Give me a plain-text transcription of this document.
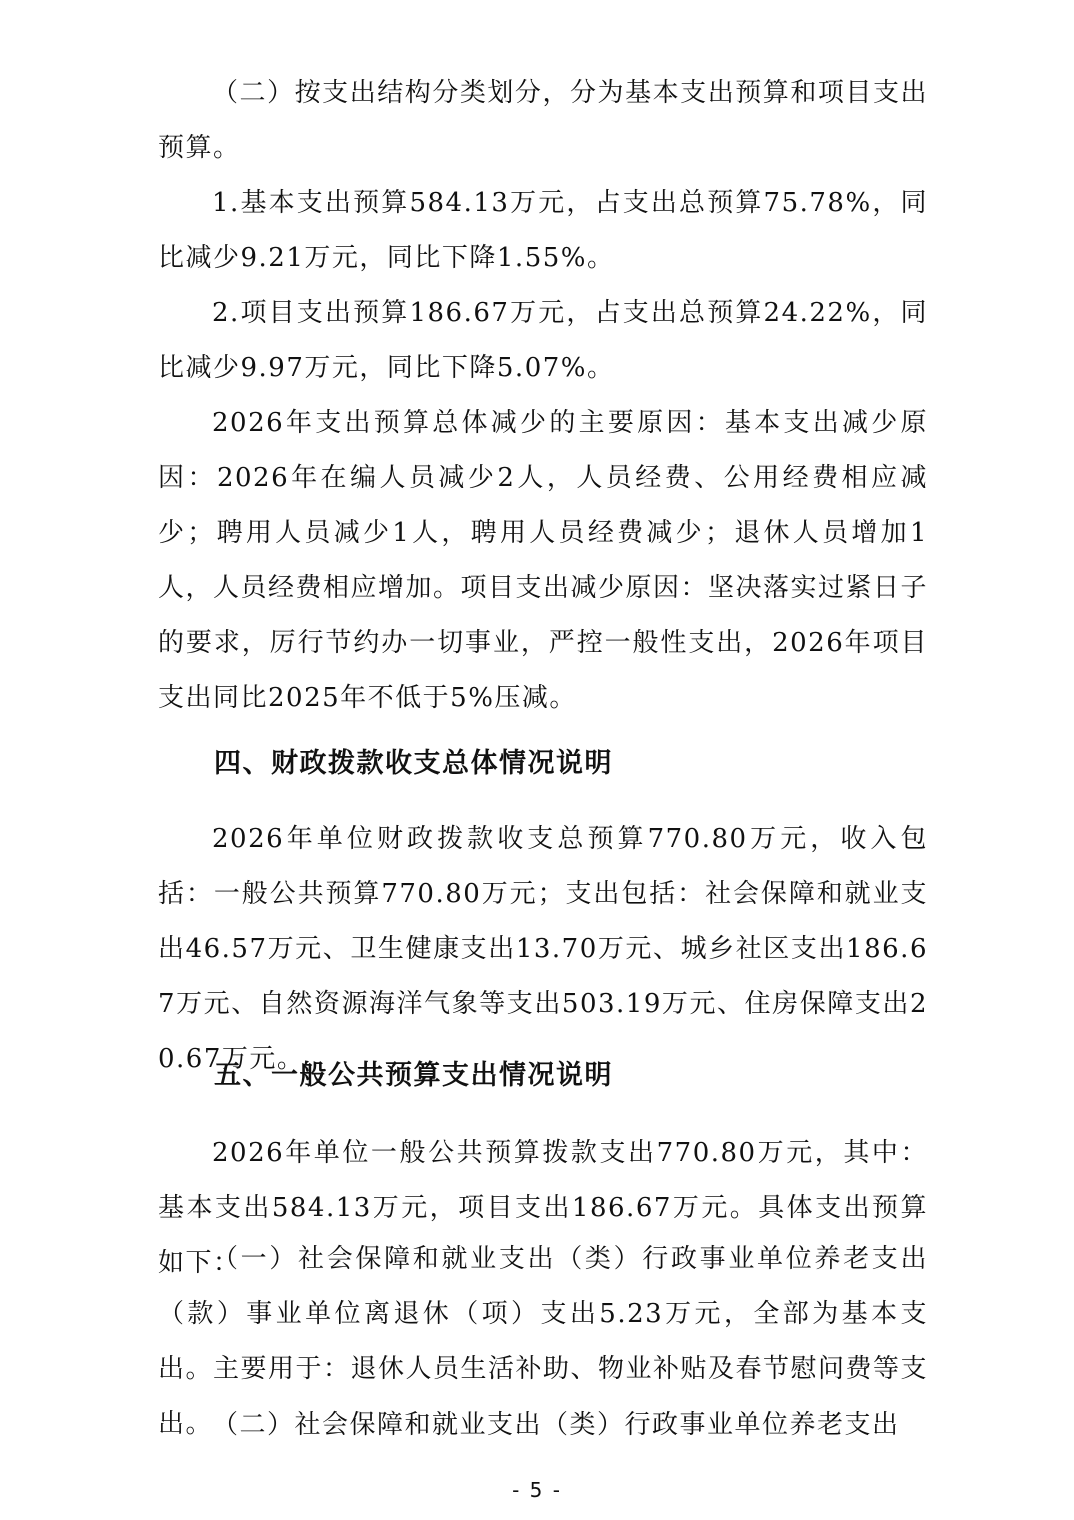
（二）按支出结构分类划分，分为基本支出预算和项目支出预算。

1.基本支出预算584.13万元，占支出总预算75.78%，同比减少9.21万元，同比下降1.55%。

2.项目支出预算186.67万元，占支出总预算24.22%，同比减少9.97万元，同比下降5.07%。

2026年支出预算总体减少的主要原因：基本支出减少原因：2026年在编人员减少2人，人员经费、公用经费相应减少；聘用人员减少1人，聘用人员经费减少；退休人员增加1人，人员经费相应增加。项目支出减少原因：坚决落实过紧日子的要求，厉行节约办一切事业，严控一般性支出，2026年项目支出同比2025年不低于5%压减。

四、财政拨款收支总体情况说明

2026年单位财政拨款收支总预算770.80万元，收入包括：一般公共预算770.80万元；支出包括：社会保障和就业支出46.57万元、卫生健康支出13.70万元、城乡社区支出186.67万元、自然资源海洋气象等支出503.19万元、住房保障支出20.67万元。

五、一般公共预算支出情况说明

2026年单位一般公共预算拨款支出770.80万元，其中：基本支出584.13万元，项目支出186.67万元。具体支出预算如下：

（一）社会保障和就业支出（类）行政事业单位养老支出（款）事业单位离退休（项）支出5.23万元，全部为基本支出。主要用于：退休人员生活补助、物业补贴及春节慰问费等支出。

（二）社会保障和就业支出（类）行政事业单位养老支出

- 5 -
